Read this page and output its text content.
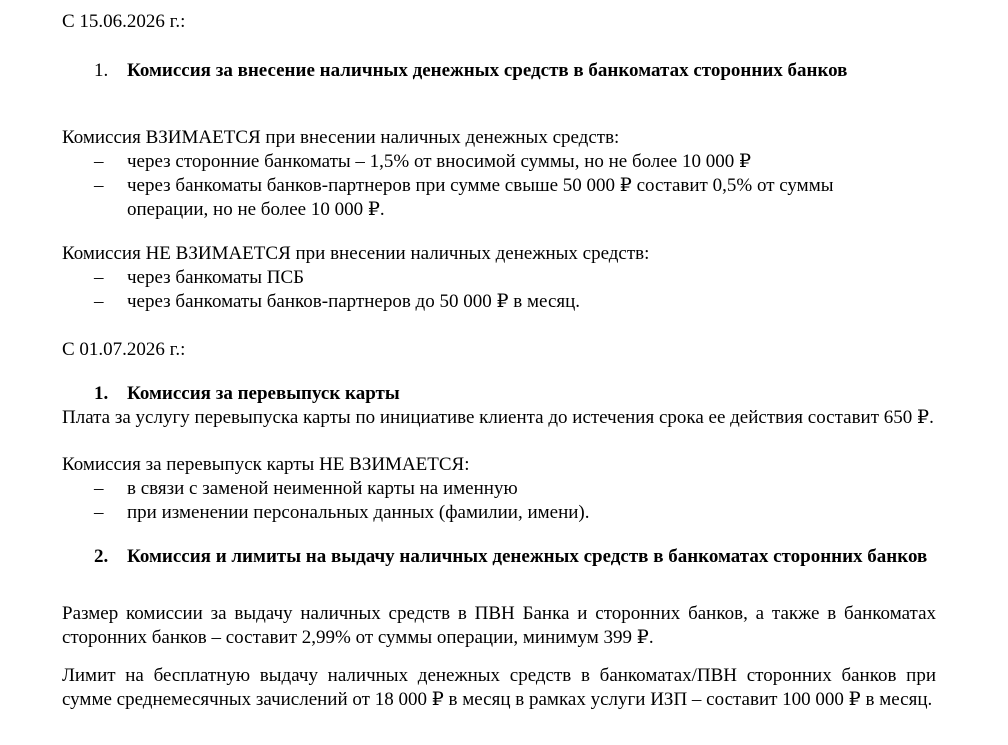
С 15.06.2026 г.:
1. Комиссия за внесение наличных денежных средств в банкоматах сторонних банков
Комиссия ВЗИМАЕТСЯ при внесении наличных денежных средств:
–	через сторонние банкоматы – 1,5% от вносимой суммы, но не более 10 000 ₽
–	через банкоматы банков-партнеров при сумме свыше 50 000 ₽ составит 0,5% от суммы операции, но не более 10 000 ₽.
Комиссия НЕ ВЗИМАЕТСЯ при внесении наличных денежных средств:
–	через банкоматы ПСБ
–	через банкоматы банков-партнеров до 50 000 ₽ в месяц.
С 01.07.2026 г.:
1. Комиссия за перевыпуск карты
Плата за услугу перевыпуска карты по инициативе клиента до истечения срока ее действия составит 650 ₽.
Комиссия за перевыпуск карты НЕ ВЗИМАЕТСЯ:
–	в связи с заменой неименной карты на именную
–	при изменении персональных данных (фамилии, имени).
2. Комиссия и лимиты на выдачу наличных денежных средств в банкоматах сторонних банков
Размер комиссии за выдачу наличных средств в ПВН Банка и сторонних банков, а также в банкоматах сторонних банков – составит 2,99% от суммы операции, минимум 399 ₽.
Лимит на бесплатную выдачу наличных денежных средств в банкоматах/ПВН сторонних банков при сумме среднемесячных зачислений от 18 000 ₽ в месяц в рамках услуги ИЗП – составит 100 000 ₽ в месяц.
